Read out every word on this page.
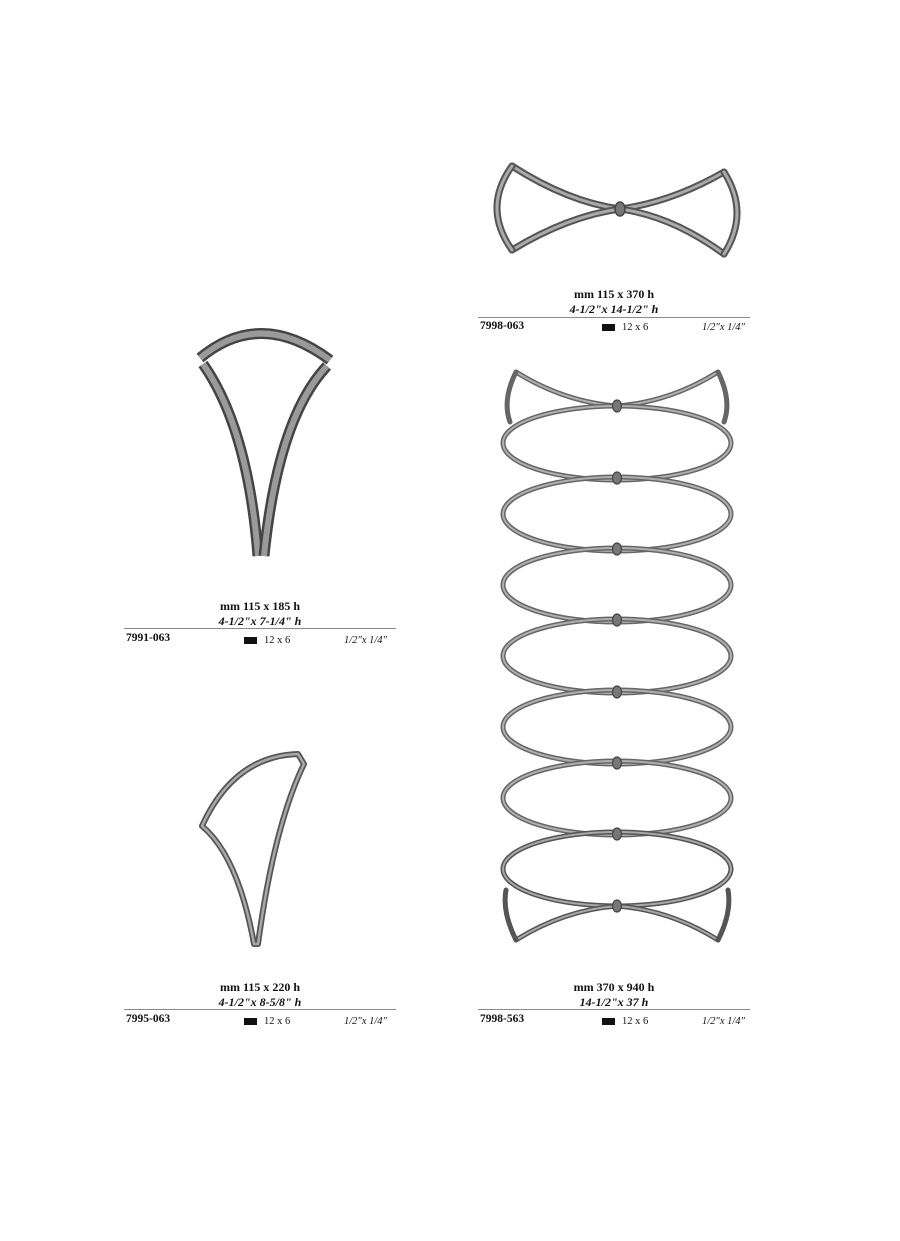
mm 115 x 370 h
4-1/2"x 14-1/2" h
7998-063	12 x 6	1/2"x 1/4"
mm 115 x 185 h
4-1/2"x 7-1/4" h
7991-063	12 x 6	1/2"x 1/4"
mm 115 x 220 h
4-1/2"x 8-5/8" h
7995-063	12 x 6	1/2"x 1/4"
mm 370 x 940 h
14-1/2"x 37 h
7998-563	12 x 6	1/2"x 1/4"
